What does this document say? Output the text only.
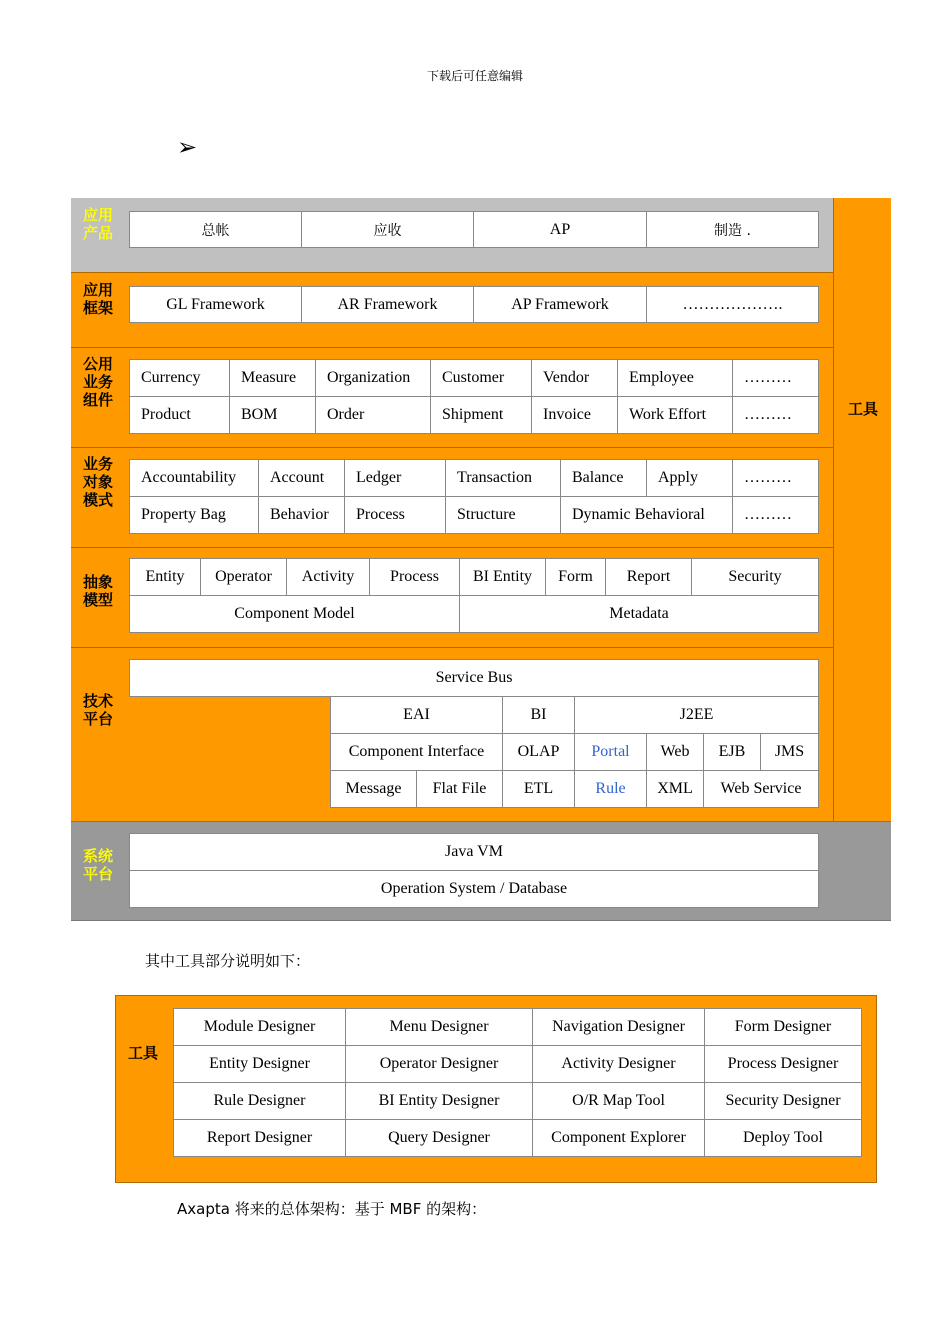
下载后可任意编辑
➢
工具
应用产品	总帐	应收	AP	制造 .
应用框架	GL Framework	AR Framework	AP Framework	……………….
公用业务组件
Currency	Measure	Organization	Customer	Vendor	Employee	………
Product	BOM	Order	Shipment	Invoice	Work Effort	………
业务对象模式
Accountability	Account	Ledger	Transaction	Balance	Apply	………
Property Bag	Behavior	Process	Structure	Dynamic Behavioral	………
抽象模型
Entity	Operator	Activity	Process	BI Entity	Form	Report	Security
Component Model	Metadata
技术平台
Service Bus
EAI	BI	J2EE
Component Interface	OLAP	Portal	Web	EJB	JMS
Message	Flat File	ETL	Rule	XML	Web Service
系统平台
Java VM
Operation System / Database
其中工具部分说明如下：
工具
Module Designer	Menu Designer	Navigation Designer	Form Designer
Entity Designer	Operator Designer	Activity Designer	Process Designer
Rule Designer	BI Entity Designer	O/R Map Tool	Security Designer
Report Designer	Query Designer	Component Explorer	Deploy Tool
Axapta 将来的总体架构：基于 MBF 的架构：
